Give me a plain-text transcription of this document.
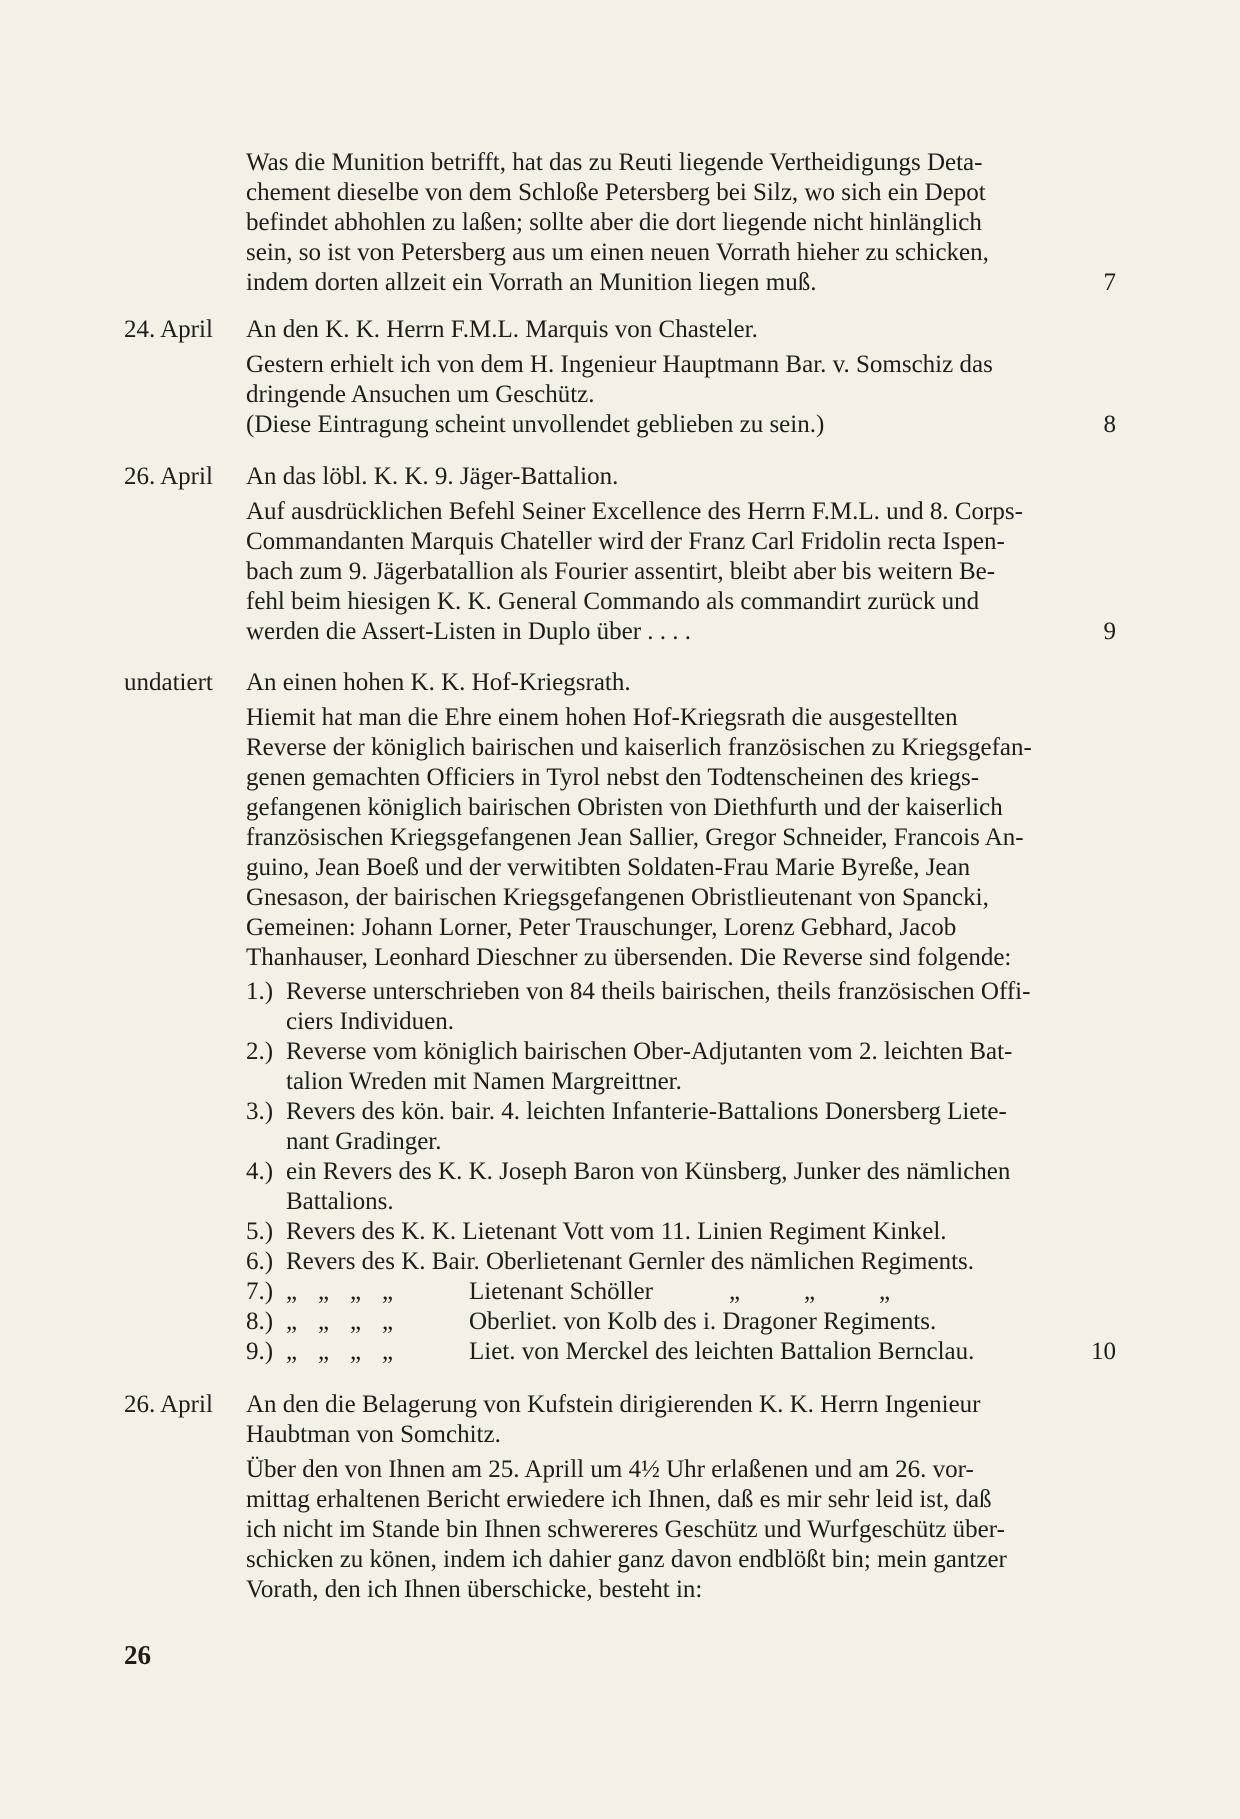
Was die Munition betrifft, hat das zu Reuti liegende Vertheidigungs Deta-

chement dieselbe von dem Schloße Petersberg bei Silz, wo sich ein Depot

befindet abhohlen zu laßen; sollte aber die dort liegende nicht hinlänglich

sein, so ist von Petersberg aus um einen neuen Vorrath hieher zu schicken,

indem dorten allzeit ein Vorrath an Munition liegen muß.	7
24. April	An den K. K. Herrn F.M.L. Marquis von Chasteler.

Gestern erhielt ich von dem H. Ingenieur Hauptmann Bar. v. Somschiz das

dringende Ansuchen um Geschütz.

(Diese Eintragung scheint unvollendet geblieben zu sein.)	8
26. April	An das löbl. K. K. 9. Jäger-Battalion.

Auf ausdrücklichen Befehl Seiner Excellence des Herrn F.M.L. und 8. Corps-

Commandanten Marquis Chateller wird der Franz Carl Fridolin recta Ispen-

bach zum 9. Jägerbatallion als Fourier assentirt, bleibt aber bis weitern Be-

fehl beim hiesigen K. K. General Commando als commandirt zurück und

werden die Assert-Listen in Duplo über . . . .	9
undatiert	An einen hohen K. K. Hof-Kriegsrath.

Hiemit hat man die Ehre einem hohen Hof-Kriegsrath die ausgestellten

Reverse der königlich bairischen und kaiserlich französischen zu Kriegsgefan-

genen gemachten Officiers in Tyrol nebst den Todtenscheinen des kriegs-

gefangenen königlich bairischen Obristen von Diethfurth und der kaiserlich

französischen Kriegsgefangenen Jean Sallier, Gregor Schneider, Francois An-

guino, Jean Boeß und der verwitibten Soldaten-Frau Marie Byreße, Jean

Gnesason, der bairischen Kriegsgefangenen Obristlieutenant von Spancki,

Gemeinen: Johann Lorner, Peter Trauschunger, Lorenz Gebhard, Jacob

Thanhauser, Leonhard Dieschner zu übersenden. Die Reverse sind folgende:

1.) Reverse unterschrieben von 84 theils bairischen, theils französischen Offi-

ciers Individuen.

2.) Reverse vom königlich bairischen Ober-Adjutanten vom 2. leichten Bat-

talion Wreden mit Namen Margreittner.

3.) Revers des kön. bair. 4. leichten Infanterie-Battalions Donersberg Liete-

nant Gradinger.

4.) ein Revers des K. K. Joseph Baron von Künsberg, Junker des nämlichen

Battalions.

5.) Revers des K. K. Lietenant Vott vom 11. Linien Regiment Kinkel.

6.) Revers des K. Bair. Oberlietenant Gernler des nämlichen Regiments.

7.) „ „ „ „	Lietenant Schöller	„	„	„
8.) „ „ „ „	Oberliet. von Kolb des i. Dragoner Regiments.
9.) „ „ „ „	Liet. von Merckel des leichten Battalion Bernclau.	10
26. April	An den die Belagerung von Kufstein dirigierenden K. K. Herrn Ingenieur

Haubtman von Somchitz.

Über den von Ihnen am 25. Aprill um 4½ Uhr erlaßenen und am 26. vor-

mittag erhaltenen Bericht erwiedere ich Ihnen, daß es mir sehr leid ist, daß

ich nicht im Stande bin Ihnen schwereres Geschütz und Wurfgeschütz über-

schicken zu könen, indem ich dahier ganz davon endblößt bin; mein gantzer

Vorath, den ich Ihnen überschicke, besteht in:

26
